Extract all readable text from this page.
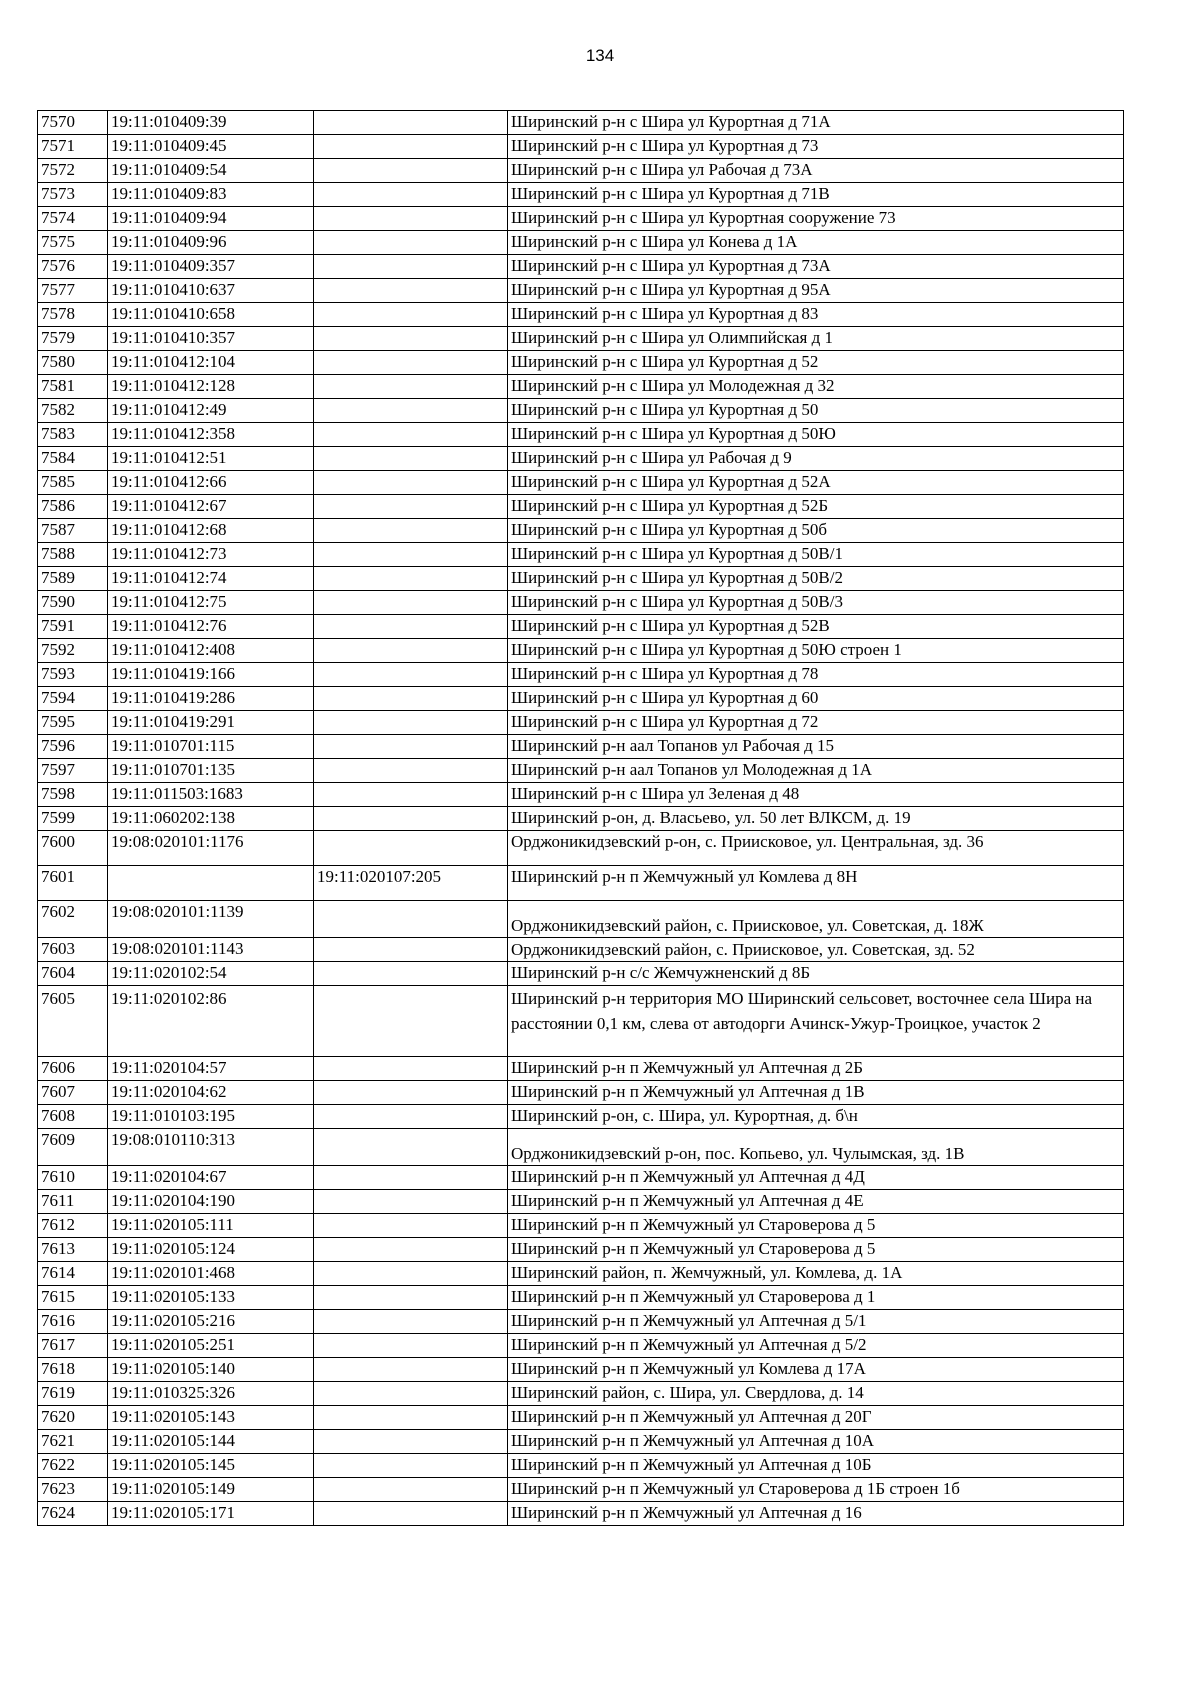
134
7570	19:11:010409:39		Ширинский р-н с Шира ул Курортная д 71А
7571	19:11:010409:45		Ширинский р-н с Шира ул Курортная д 73
7572	19:11:010409:54		Ширинский р-н с Шира ул Рабочая д 73А
7573	19:11:010409:83		Ширинский р-н с Шира ул Курортная д 71В
7574	19:11:010409:94		Ширинский р-н с Шира ул Курортная сооружение 73
7575	19:11:010409:96		Ширинский р-н с Шира ул Конева д 1А
7576	19:11:010409:357		Ширинский р-н с Шира ул Курортная д 73А
7577	19:11:010410:637		Ширинский р-н с Шира ул Курортная д 95А
7578	19:11:010410:658		Ширинский р-н с Шира ул Курортная д 83
7579	19:11:010410:357		Ширинский р-н с Шира ул Олимпийская д 1
7580	19:11:010412:104		Ширинский р-н с Шира ул Курортная д 52
7581	19:11:010412:128		Ширинский р-н с Шира ул Молодежная д 32
7582	19:11:010412:49		Ширинский р-н с Шира ул Курортная д 50
7583	19:11:010412:358		Ширинский р-н с Шира ул Курортная д 50Ю
7584	19:11:010412:51		Ширинский р-н с Шира ул Рабочая д 9
7585	19:11:010412:66		Ширинский р-н с Шира ул Курортная д 52А
7586	19:11:010412:67		Ширинский р-н с Шира ул Курортная д 52Б
7587	19:11:010412:68		Ширинский р-н с Шира ул Курортная д 50б
7588	19:11:010412:73		Ширинский р-н с Шира ул Курортная д 50В/1
7589	19:11:010412:74		Ширинский р-н с Шира ул Курортная д 50В/2
7590	19:11:010412:75		Ширинский р-н с Шира ул Курортная д 50В/3
7591	19:11:010412:76		Ширинский р-н с Шира ул Курортная д 52В
7592	19:11:010412:408		Ширинский р-н с Шира ул Курортная д 50Ю строен 1
7593	19:11:010419:166		Ширинский р-н с Шира ул Курортная д 78
7594	19:11:010419:286		Ширинский р-н с Шира ул Курортная д 60
7595	19:11:010419:291		Ширинский р-н с Шира ул Курортная д 72
7596	19:11:010701:115		Ширинский р-н аал Топанов ул Рабочая д 15
7597	19:11:010701:135		Ширинский р-н аал Топанов ул Молодежная д 1А
7598	19:11:011503:1683		Ширинский р-н с Шира ул Зеленая д 48
7599	19:11:060202:138		Ширинский р-он, д. Власьево, ул. 50 лет ВЛКСМ, д. 19
7600	19:08:020101:1176		Орджоникидзевский р-он, с. Приисковое, ул. Центральная, зд. 36
7601		19:11:020107:205	Ширинский р-н п Жемчужный ул Комлева д 8Н
7602	19:08:020101:1139		Орджоникидзевский район, с. Приисковое, ул. Советская, д. 18Ж
7603	19:08:020101:1143		Орджоникидзевский район, с. Приисковое, ул. Советская, зд. 52
7604	19:11:020102:54		Ширинский р-н с/с Жемчужненский д 8Б
7605	19:11:020102:86		Ширинский р-н территория МО Ширинский сельсовет, восточнее села Шира на расстоянии 0,1 км, слева от автодорги Ачинск-Ужур-Троицкое, участок 2
7606	19:11:020104:57		Ширинский р-н п Жемчужный ул Аптечная д 2Б
7607	19:11:020104:62		Ширинский р-н п Жемчужный ул Аптечная д 1В
7608	19:11:010103:195		Ширинский р-он, с. Шира, ул. Курортная, д. б\н
7609	19:08:010110:313		Орджоникидзевский р-он, пос. Копьево, ул. Чулымская, зд. 1В
7610	19:11:020104:67		Ширинский р-н п Жемчужный ул Аптечная д 4Д
7611	19:11:020104:190		Ширинский р-н п Жемчужный ул Аптечная д 4Е
7612	19:11:020105:111		Ширинский р-н п Жемчужный ул Староверова д 5
7613	19:11:020105:124		Ширинский р-н п Жемчужный ул Староверова д 5
7614	19:11:020101:468		Ширинский район, п. Жемчужный, ул. Комлева, д. 1А
7615	19:11:020105:133		Ширинский р-н п Жемчужный ул Староверова д 1
7616	19:11:020105:216		Ширинский р-н п Жемчужный ул Аптечная д 5/1
7617	19:11:020105:251		Ширинский р-н п Жемчужный ул Аптечная д 5/2
7618	19:11:020105:140		Ширинский р-н п Жемчужный ул Комлева д 17А
7619	19:11:010325:326		Ширинский район, с. Шира, ул. Свердлова, д. 14
7620	19:11:020105:143		Ширинский р-н п Жемчужный ул Аптечная д 20Г
7621	19:11:020105:144		Ширинский р-н п Жемчужный ул Аптечная д 10А
7622	19:11:020105:145		Ширинский р-н п Жемчужный ул Аптечная д 10Б
7623	19:11:020105:149		Ширинский р-н п Жемчужный ул Староверова д 1Б строен 1б
7624	19:11:020105:171		Ширинский р-н п Жемчужный ул Аптечная д 16
